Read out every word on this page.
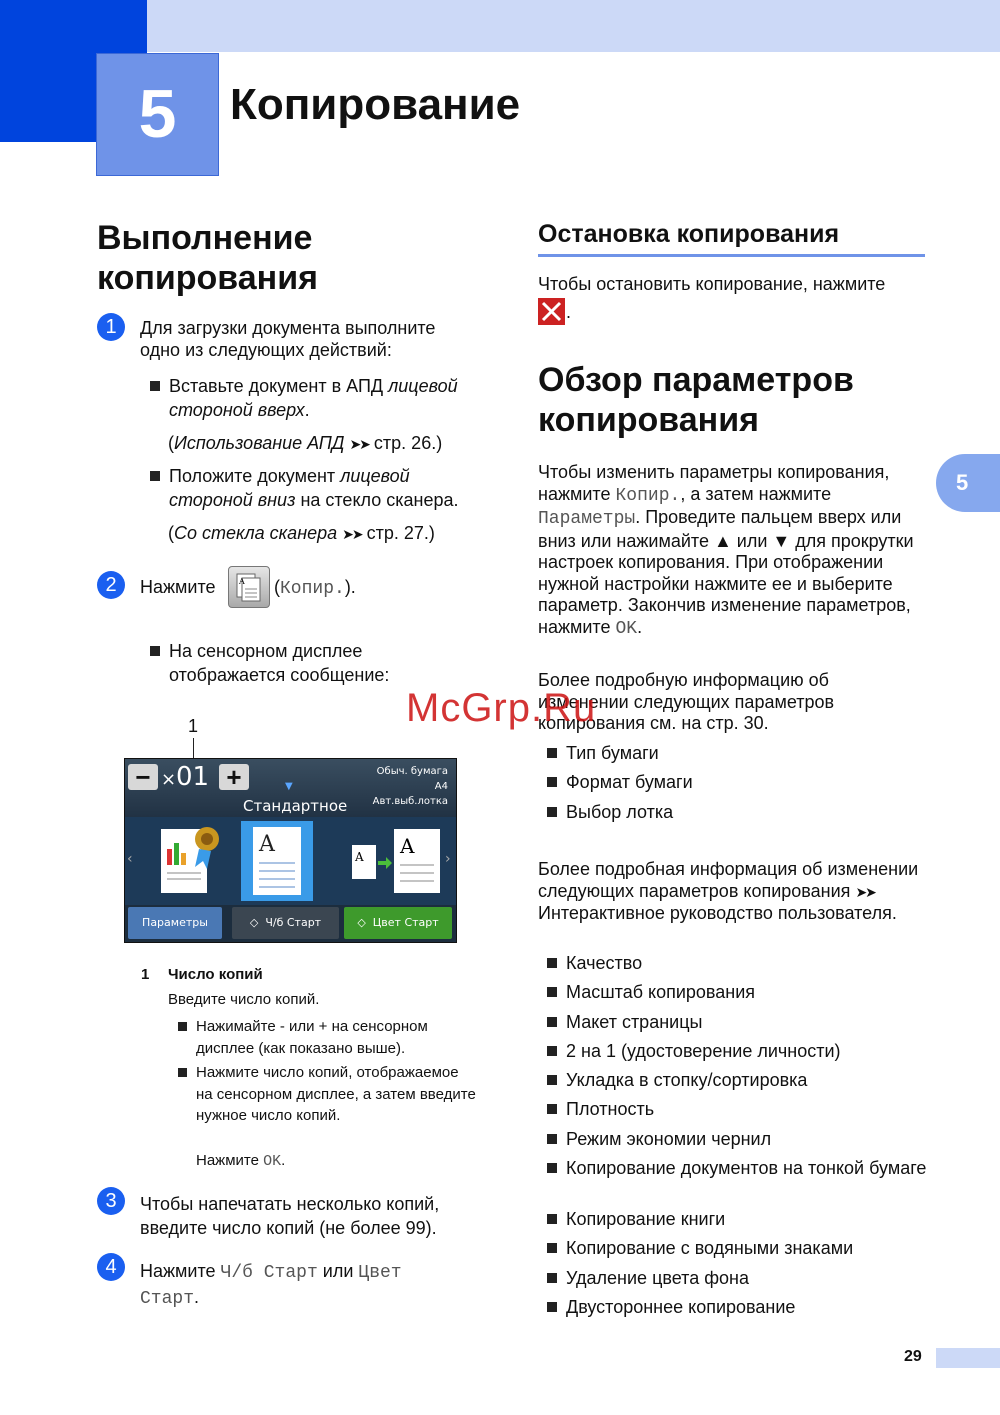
5	Копирование
Выполнение копирования
1	Для загрузки документа выполните одно из следующих действий:
Вставьте документ в АПД лицевой стороной вверх.
(Использование АПД ➤➤ стр. 26.)
Положите документ лицевой стороной вниз на стекло сканера.
(Со стекла сканера ➤➤ стр. 27.)
2	Нажмите	A (Копир.).
На сенсорном дисплее отображается сообщение:
1
− × 01 +	▼
Обыч. бумага
A4
Авт.выб.лотка
Стандартное
‹	›
A	A A
Параметры	◇  Ч/б Старт	◇  Цвет Старт
1 Число копий
Введите число копий.
Нажимайте - или + на сенсорном дисплее (как показано выше).
Нажмите число копий, отображаемое на сенсорном дисплее, а затем введите нужное число копий.
Нажмите OK.
3	Чтобы напечатать несколько копий, введите число копий (не более 99).
4	Нажмите Ч/б Старт или Цвет Старт.
Остановка копирования
Чтобы остановить копирование, нажмите
.
Обзор параметров копирования
Чтобы изменить параметры копирования, нажмите Копир., а затем нажмите Параметры. Проведите пальцем вверх или вниз или нажимайте ▲ или ▼ для прокрутки настроек копирования. При отображении нужной настройки нажмите ее и выберите параметр. Закончив изменение параметров, нажмите OK.
Более подробную информацию об изменении следующих параметров копирования см. на стр. 30.
Тип бумаги
Формат бумаги
Выбор лотка
Более подробная информация об изменении следующих параметров копирования ➤➤ Интерактивное руководство пользователя.
Качество
Масштаб копирования
Макет страницы
2 на 1 (удостоверение личности)
Укладка в стопку/сортировка
Плотность
Режим экономии чернил
Копирование документов на тонкой бумаге
Копирование книги
Копирование с водяными знаками
Удаление цвета фона
Двустороннее копирование
5
29
McGrp.Ru
